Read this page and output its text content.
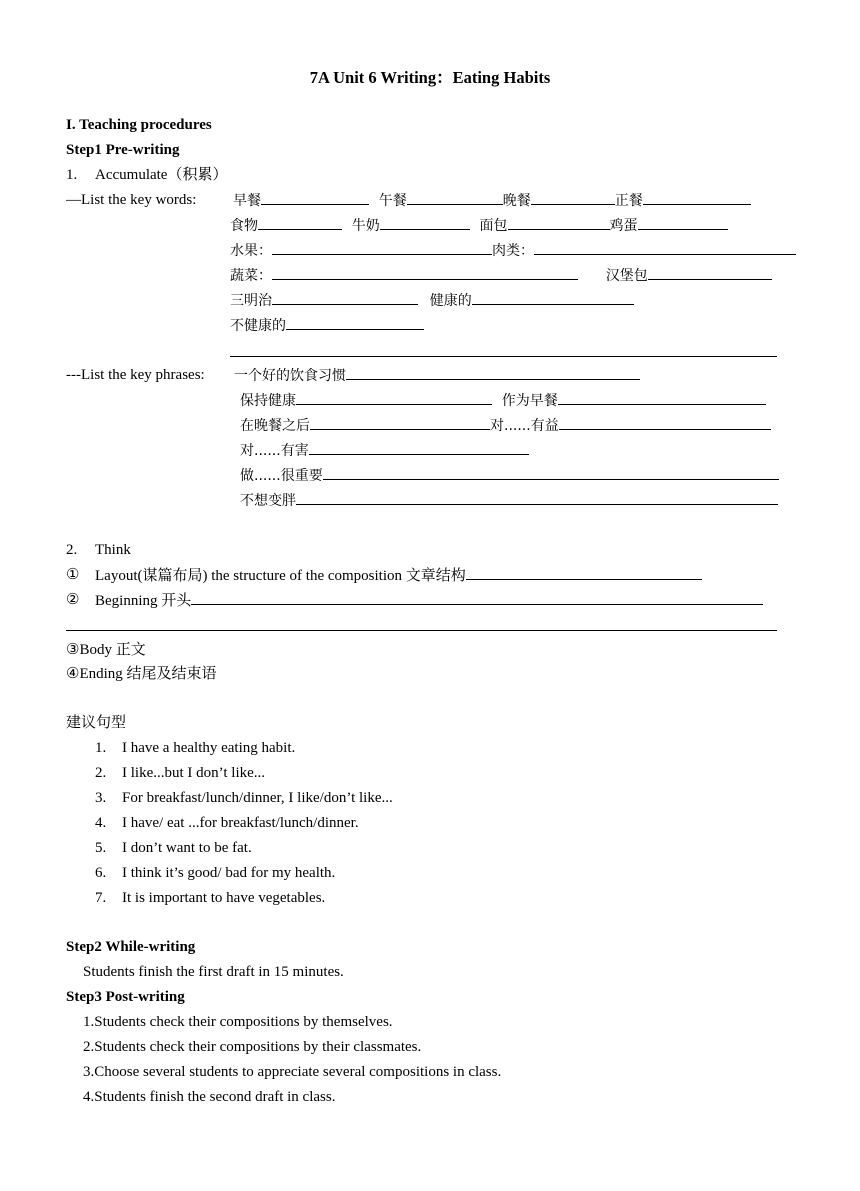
7A Unit 6 Writing：Eating Habits
I. Teaching procedures
Step1 Pre-writing
1. Accumulate（积累）
—List the key words:	早餐	午餐	晚餐	正餐
食物	牛奶	面包	鸡蛋
水果：	肉类：
蔬菜：	汉堡包
三明治	健康的
不健康的
---List the key phrases: 一个好的饮食习惯
保持健康	作为早餐
在晚餐之后	对......有益
对......有害
做......很重要
不想变胖
2. Think
① Layout(谋篇布局) the structure of the composition 文章结构
② Beginning 开头
③Body 正文
④Ending 结尾及结束语
建议句型
1. I have a healthy eating habit.
2. I like...but I don’t like...
3. For breakfast/lunch/dinner, I like/don’t like...
4. I have/ eat ...for breakfast/lunch/dinner.
5. I don’t want to be fat.
6. I think it’s good/ bad for my health.
7. It is important to have vegetables.
Step2 While-writing
Students finish the first draft in 15 minutes.
Step3 Post-writing
1.Students check their compositions by themselves.
2.Students check their compositions by their classmates.
3.Choose several students to appreciate several compositions in class.
4.Students finish the second draft in class.
